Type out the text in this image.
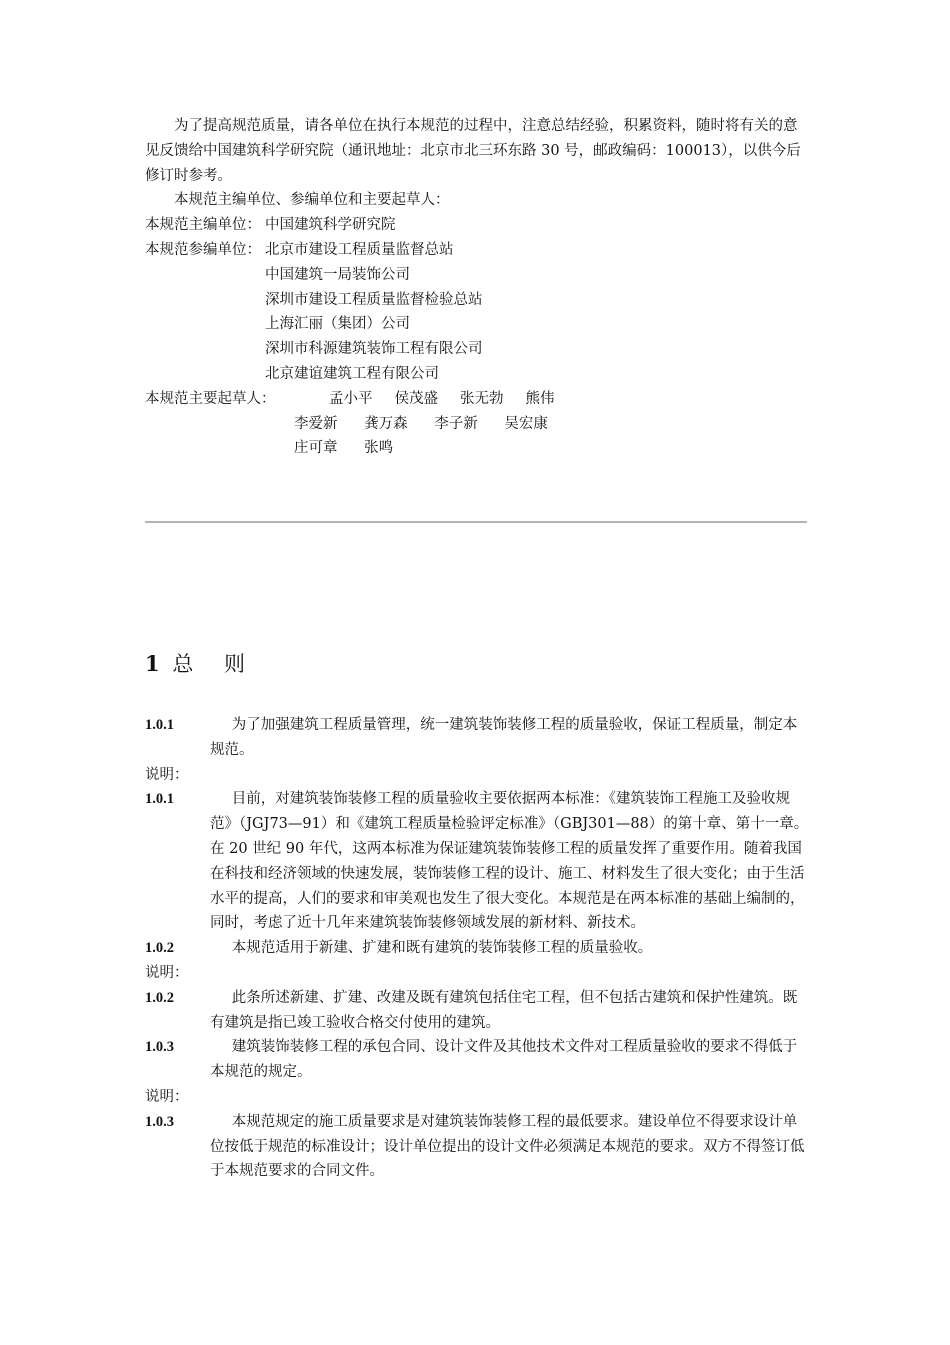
为了提高规范质量，请各单位在执行本规范的过程中，注意总结经验，积累资料，随时将有关的意见反馈给中国建筑科学研究院（通讯地址：北京市北三环东路 30 号，邮政编码：100013），以供今后修订时参考。

本规范主编单位、参编单位和主要起草人：

本规范主编单位： 中国建筑科学研究院
本规范参编单位： 北京市建设工程质量监督总站
中国建筑一局装饰公司
深圳市建设工程质量监督检验总站
上海汇丽（集团）公司
深圳市科源建筑装饰工程有限公司
北京建谊建筑工程有限公司
本规范主要起草人：	孟小平 侯茂盛 张无勃 熊伟
李爱新 龚万森 李子新 吴宏康
庄可章 张鸣
1 总 则
1.0.1	为了加强建筑工程质量管理，统一建筑装饰装修工程的质量验收，保证工程质量，制定本规范。

说明：

1.0.1	目前，对建筑装饰装修工程的质量验收主要依据两本标准：《建筑装饰工程施工及验收规范》（JGJ73—91）和《建筑工程质量检验评定标准》（GBJ301—88）的第十章、第十一章。在 20 世纪 90 年代，这两本标准为保证建筑装饰装修工程的质量发挥了重要作用。随着我国在科技和经济领域的快速发展，装饰装修工程的设计、施工、材料发生了很大变化；由于生活水平的提高，人们的要求和审美观也发生了很大变化。本规范是在两本标准的基础上编制的，同时，考虑了近十几年来建筑装饰装修领域发展的新材料、新技术。
1.0.2	本规范适用于新建、扩建和既有建筑的装饰装修工程的质量验收。

说明：

1.0.2	此条所述新建、扩建、改建及既有建筑包括住宅工程，但不包括古建筑和保护性建筑。既有建筑是指已竣工验收合格交付使用的建筑。
1.0.3	建筑装饰装修工程的承包合同、设计文件及其他技术文件对工程质量验收的要求不得低于本规范的规定。

说明：

1.0.3	本规范规定的施工质量要求是对建筑装饰装修工程的最低要求。建设单位不得要求设计单位按低于规范的标准设计；设计单位提出的设计文件必须满足本规范的要求。双方不得签订低于本规范要求的合同文件。
